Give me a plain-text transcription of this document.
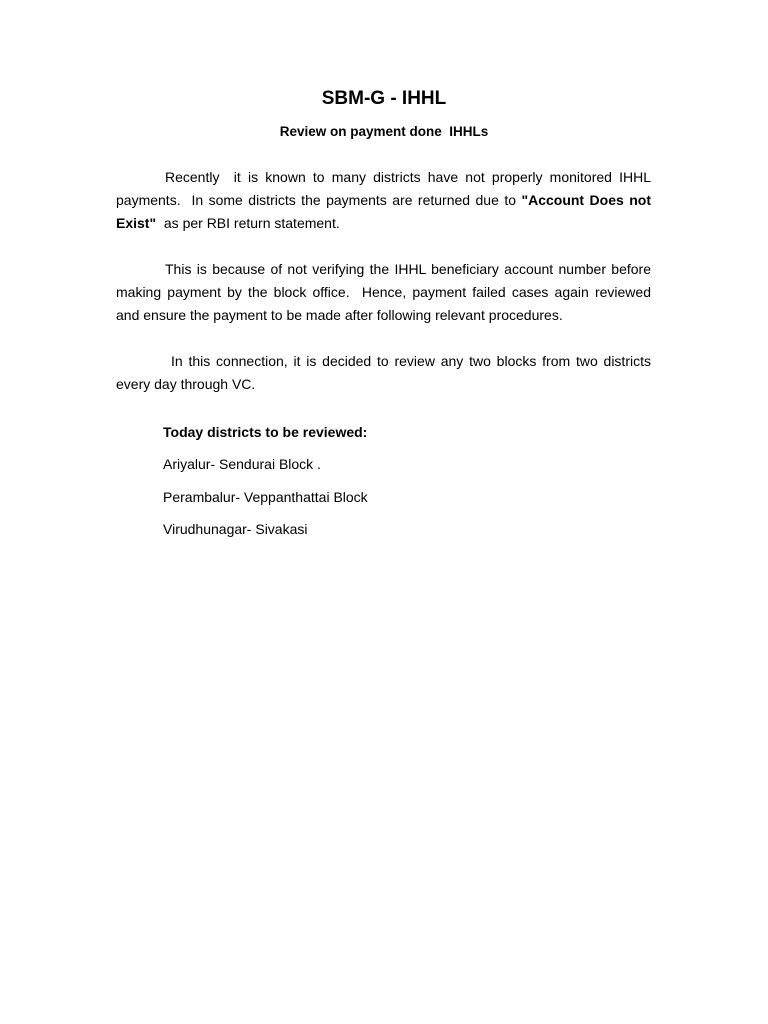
SBM-G - IHHL
Review on payment done  IHHLs

Recently  it is known to many districts have not properly monitored IHHL payments.  In some districts the payments are returned due to "Account Does not Exist"  as per RBI return statement.

This is because of not verifying the IHHL beneficiary account number before making payment by the block office.  Hence, payment failed cases again reviewed and ensure the payment to be made after following relevant procedures.

In this connection, it is decided to review any two blocks from two districts every day through VC.

Today districts to be reviewed:
Ariyalur- Sendurai Block .
Perambalur- Veppanthattai Block
Virudhunagar- Sivakasi
